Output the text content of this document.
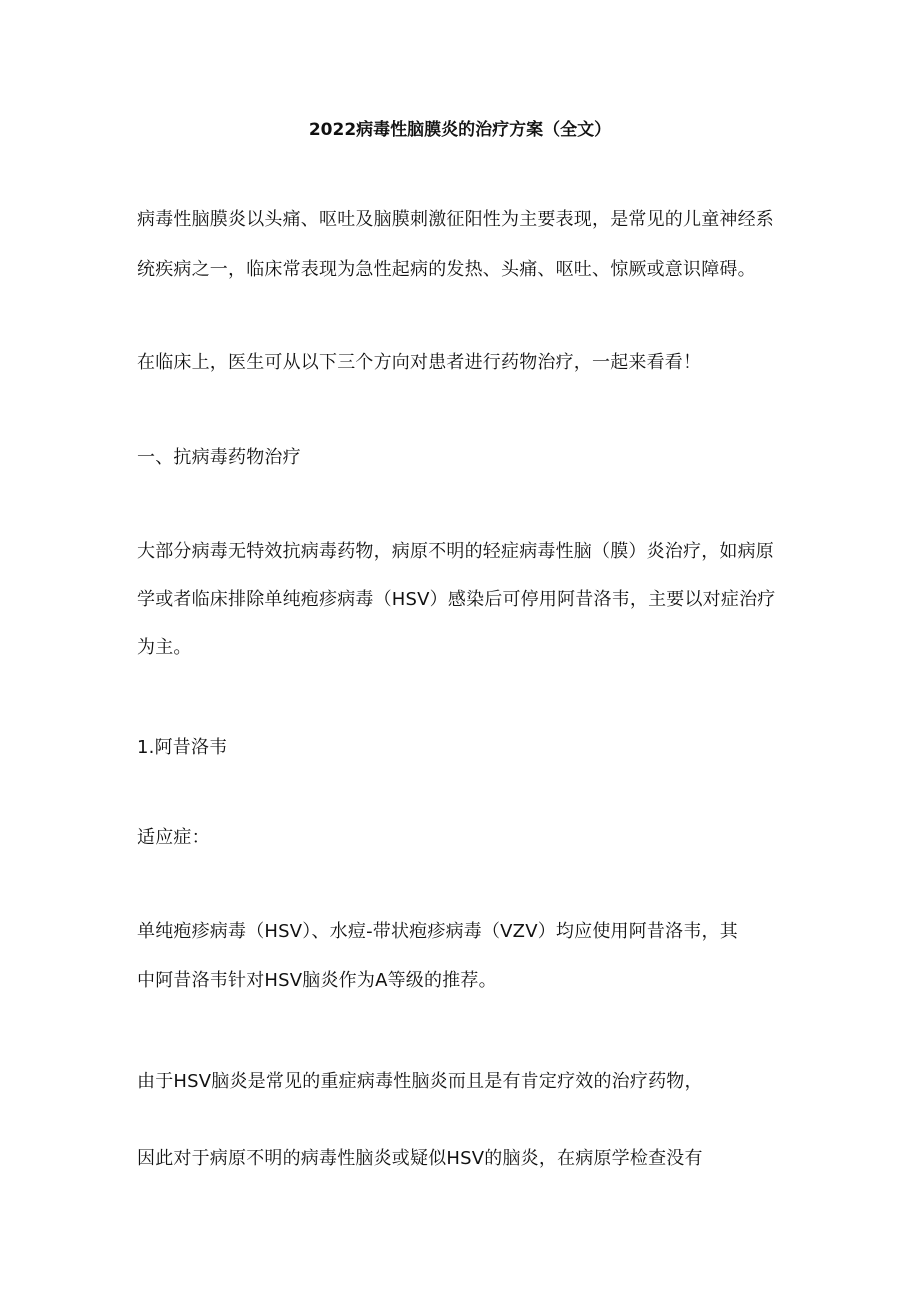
2022病毒性脑膜炎的治疗方案（全文）
病毒性脑膜炎以头痛、呕吐及脑膜刺激征阳性为主要表现，是常见的儿童神经系
统疾病之一，临床常表现为急性起病的发热、头痛、呕吐、惊厥或意识障碍。
在临床上，医生可从以下三个方向对患者进行药物治疗，一起来看看！
一、抗病毒药物治疗
大部分病毒无特效抗病毒药物，病原不明的轻症病毒性脑（膜）炎治疗，如病原
学或者临床排除单纯疱疹病毒（HSV）感染后可停用阿昔洛韦，主要以对症治疗
为主。
1.阿昔洛韦
适应症：
单纯疱疹病毒（HSV）、水痘-带状疱疹病毒（VZV）均应使用阿昔洛韦，其
中阿昔洛韦针对HSV脑炎作为A等级的推荐。
由于HSV脑炎是常见的重症病毒性脑炎而且是有肯定疗效的治疗药物，
因此对于病原不明的病毒性脑炎或疑似HSV的脑炎，在病原学检查没有
